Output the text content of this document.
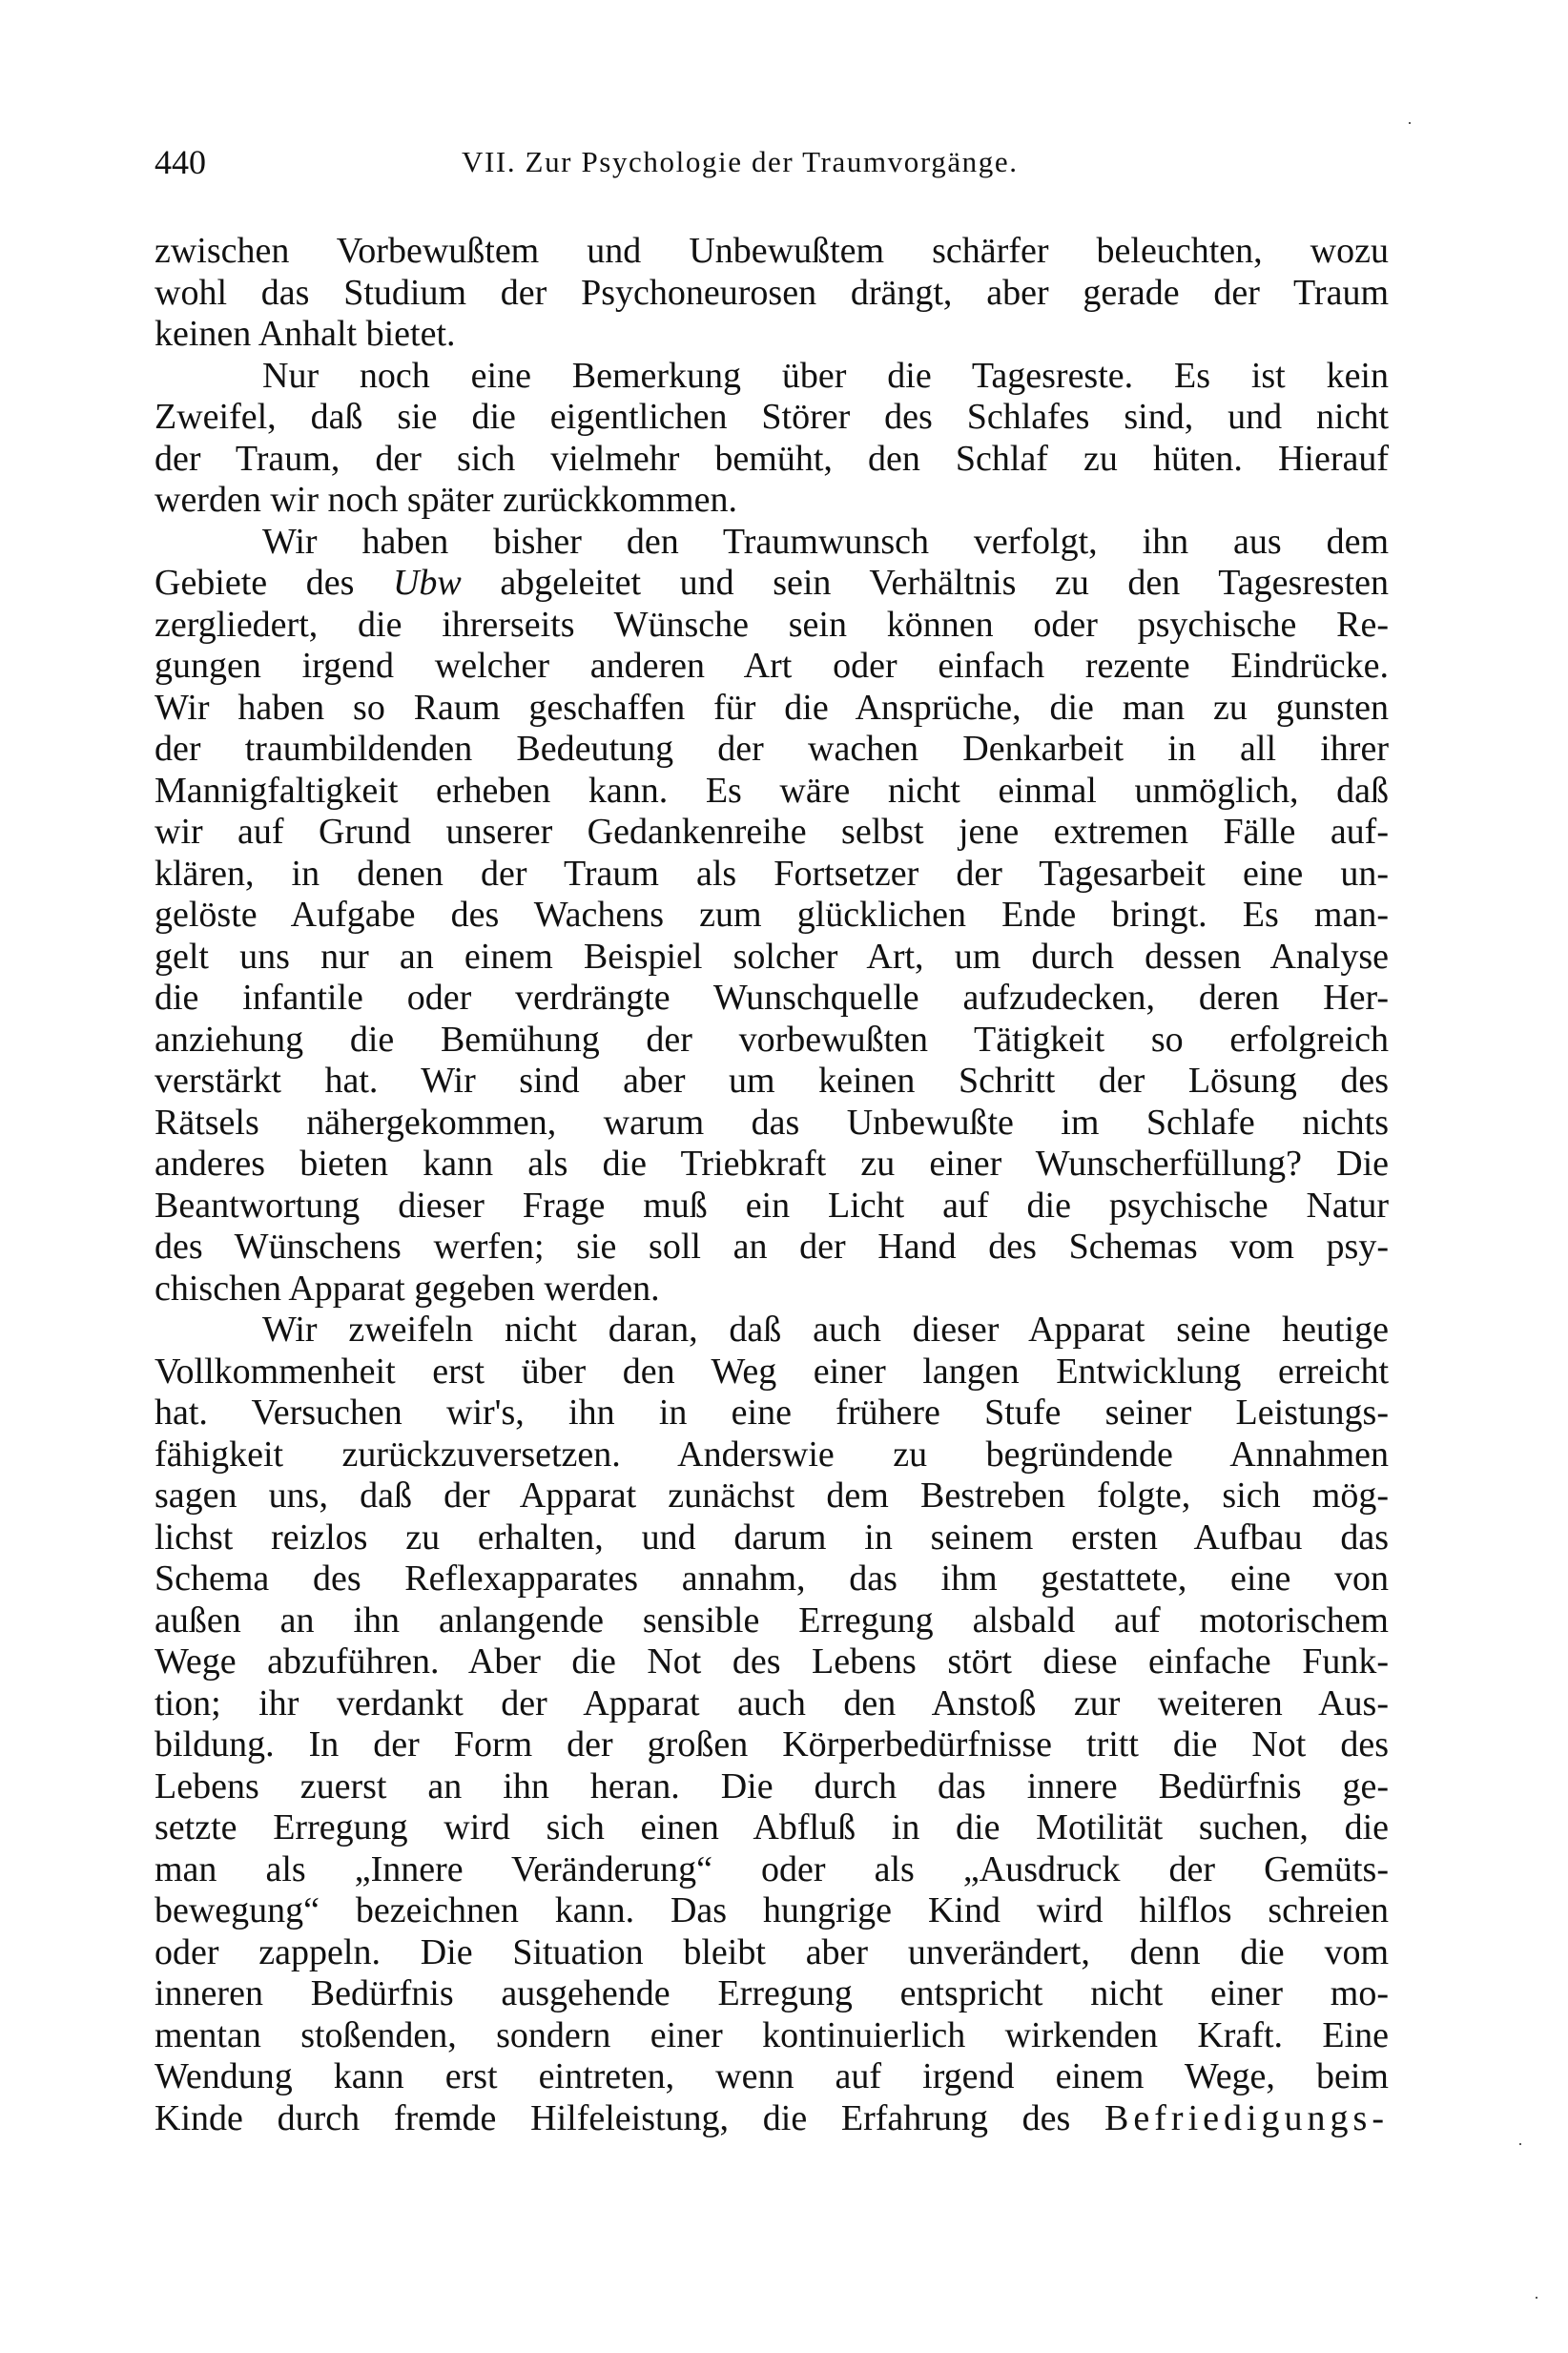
440	VII. Zur Psychologie der Traumvorgänge.
zwischen Vorbewußtem und Unbewußtem schärfer beleuchten, wozu
wohl das Studium der Psychoneurosen drängt, aber gerade der Traum
keinen Anhalt bietet.
Nur noch eine Bemerkung über die Tagesreste. Es ist kein
Zweifel, daß sie die eigentlichen Störer des Schlafes sind, und nicht
der Traum, der sich vielmehr bemüht, den Schlaf zu hüten. Hierauf
werden wir noch später zurückkommen.
Wir haben bisher den Traumwunsch verfolgt, ihn aus dem
Gebiete des Ubw abgeleitet und sein Verhältnis zu den Tagesresten
zergliedert, die ihrerseits Wünsche sein können oder psychische Re-
gungen irgend welcher anderen Art oder einfach rezente Eindrücke.
Wir haben so Raum geschaffen für die Ansprüche, die man zu gunsten
der traumbildenden Bedeutung der wachen Denkarbeit in all ihrer
Mannigfaltigkeit erheben kann. Es wäre nicht einmal unmöglich, daß
wir auf Grund unserer Gedankenreihe selbst jene extremen Fälle auf-
klären, in denen der Traum als Fortsetzer der Tagesarbeit eine un-
gelöste Aufgabe des Wachens zum glücklichen Ende bringt. Es man-
gelt uns nur an einem Beispiel solcher Art, um durch dessen Analyse
die infantile oder verdrängte Wunschquelle aufzudecken, deren Her-
anziehung die Bemühung der vorbewußten Tätigkeit so erfolgreich
verstärkt hat. Wir sind aber um keinen Schritt der Lösung des
Rätsels nähergekommen, warum das Unbewußte im Schlafe nichts
anderes bieten kann als die Triebkraft zu einer Wunscherfüllung? Die
Beantwortung dieser Frage muß ein Licht auf die psychische Natur
des Wünschens werfen; sie soll an der Hand des Schemas vom psy-
chischen Apparat gegeben werden.
Wir zweifeln nicht daran, daß auch dieser Apparat seine heutige
Vollkommenheit erst über den Weg einer langen Entwicklung erreicht
hat. Versuchen wir's, ihn in eine frühere Stufe seiner Leistungs-
fähigkeit zurückzuversetzen. Anderswie zu begründende Annahmen
sagen uns, daß der Apparat zunächst dem Bestreben folgte, sich mög-
lichst reizlos zu erhalten, und darum in seinem ersten Aufbau das
Schema des Reflexapparates annahm, das ihm gestattete, eine von
außen an ihn anlangende sensible Erregung alsbald auf motorischem
Wege abzuführen. Aber die Not des Lebens stört diese einfache Funk-
tion; ihr verdankt der Apparat auch den Anstoß zur weiteren Aus-
bildung. In der Form der großen Körperbedürfnisse tritt die Not des
Lebens zuerst an ihn heran. Die durch das innere Bedürfnis ge-
setzte Erregung wird sich einen Abfluß in die Motilität suchen, die
man als „Innere Veränderung“ oder als „Ausdruck der Gemüts-
bewegung“ bezeichnen kann. Das hungrige Kind wird hilflos schreien
oder zappeln. Die Situation bleibt aber unverändert, denn die vom
inneren Bedürfnis ausgehende Erregung entspricht nicht einer mo-
mentan stoßenden, sondern einer kontinuierlich wirkenden Kraft. Eine
Wendung kann erst eintreten, wenn auf irgend einem Wege, beim
Kinde durch fremde Hilfeleistung, die Erfahrung des Befriedigungs-
